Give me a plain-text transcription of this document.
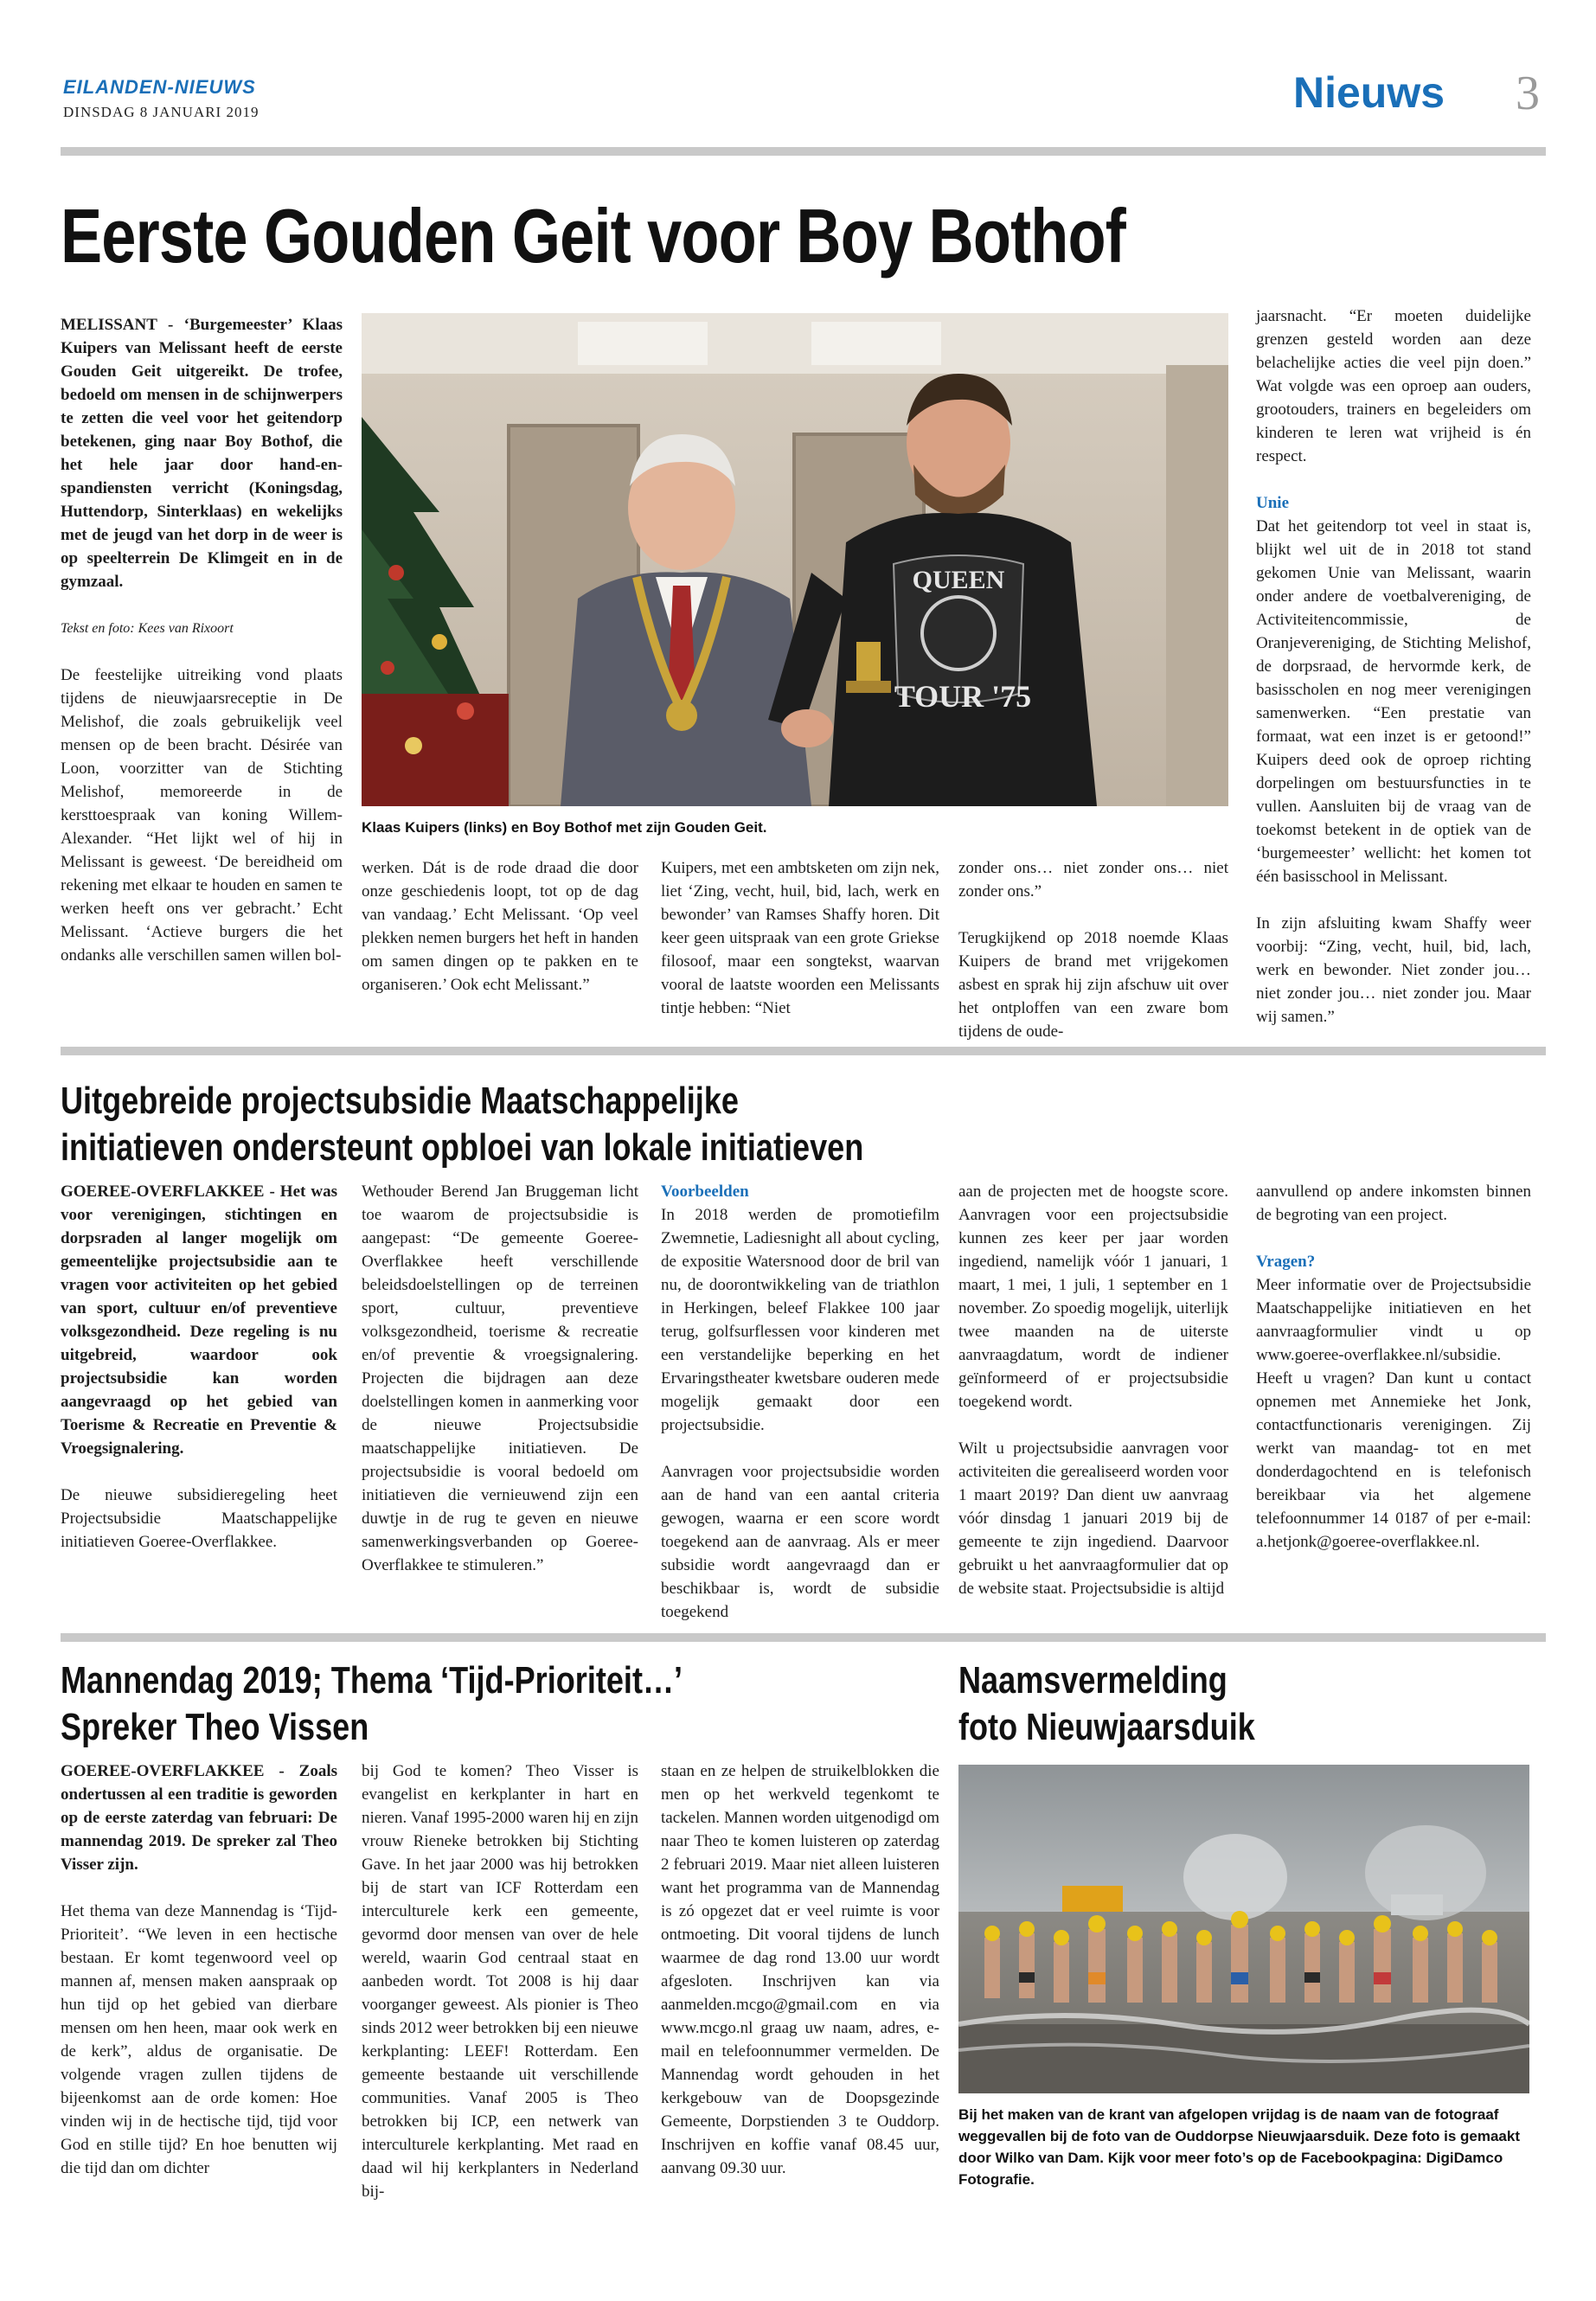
EILANDEN-NIEUWS
DINSDAG 8 JANUARI 2019	Nieuws 3
Eerste Gouden Geit voor Boy Bothof

MELISSANT - ‘Burgemeester’ Klaas Kuipers van Melissant heeft de eerste Gouden Geit uitgereikt. De trofee, bedoeld om mensen in de schijnwerpers te zetten die veel voor het geitendorp betekenen, ging naar Boy Bothof, die het hele jaar door hand-en-spandiensten verricht (Koningsdag, Huttendorp, Sinterklaas) en wekelijks met de jeugd van het dorp in de weer is op speelterrein De Klimgeit en in de gymzaal.

Tekst en foto: Kees van Rixoort

De feestelijke uitreiking vond plaats tijdens de nieuwjaarsreceptie in De Melishof, die zoals gebruikelijk veel mensen op de been bracht. Désirée van Loon, voorzitter van de Stichting Melishof, memoreerde in de kersttoespraak van koning Willem-Alexander. “Het lijkt wel of hij in Melissant is geweest. ‘De bereidheid om rekening met elkaar te houden en samen te werken heeft ons ver gebracht.’ Echt Melissant. ‘Actieve burgers die het ondanks alle verschillen samen willen bol-

QUEEN
TOUR '75
Klaas Kuipers (links) en Boy Bothof met zijn Gouden Geit.

werken. Dát is de rode draad die door onze geschiedenis loopt, tot op de dag van vandaag.’ Echt Melissant. ‘Op veel plekken nemen burgers het heft in handen om samen dingen op te pakken en te organiseren.’ Ook echt Melissant.”

Kuipers, met een ambtsketen om zijn nek, liet ‘Zing, vecht, huil, bid, lach, werk en bewonder’ van Ramses Shaffy horen. Dit keer geen uitspraak van een grote Griekse filosoof, maar een songtekst, waarvan vooral de laatste woorden een Melissants tintje hebben: “Niet

zonder ons… niet zonder ons… niet zonder ons.”

Terugkijkend op 2018 noemde Klaas Kuipers de brand met vrijgekomen asbest en sprak hij zijn afschuw uit over het ontploffen van een zware bom tijdens de oude-

jaarsnacht. “Er moeten duidelijke grenzen gesteld worden aan deze belachelijke acties die veel pijn doen.” Wat volgde was een oproep aan ouders, grootouders, trainers en begeleiders om kinderen te leren wat vrijheid is én respect.

Unie

Dat het geitendorp tot veel in staat is, blijkt wel uit de in 2018 tot stand gekomen Unie van Melissant, waarin onder andere de voetbalvereniging, de Activiteitencommissie, de Oranjevereniging, de Stichting Melishof, de dorpsraad, de hervormde kerk, de basisscholen en nog meer verenigingen samenwerken. “Een prestatie van formaat, wat een inzet is er getoond!” Kuipers deed ook de oproep richting dorpelingen om bestuursfuncties in te vullen. Aansluiten bij de vraag van de toekomst betekent in de optiek van de ‘burgemeester’ wellicht: het komen tot één basisschool in Melissant.

In zijn afsluiting kwam Shaffy weer voorbij: “Zing, vecht, huil, bid, lach, werk en bewonder. Niet zonder jou… niet zonder jou… niet zonder jou. Maar wij samen.”

Uitgebreide projectsubsidie Maatschappelijke
initiatieven ondersteunt opbloei van lokale initiatieven

GOEREE-OVERFLAKKEE - Het was voor verenigingen, stichtingen en dorpsraden al langer mogelijk om gemeentelijke projectsubsidie aan te vragen voor activiteiten op het gebied van sport, cultuur en/of preventieve volksgezondheid. Deze regeling is nu uitgebreid, waardoor ook projectsubsidie kan worden aangevraagd op het gebied van Toerisme & Recreatie en Preventie & Vroegsignalering.

De nieuwe subsidieregeling heet Projectsubsidie Maatschappelijke initiatieven Goeree-Overflakkee.

Wethouder Berend Jan Bruggeman licht toe waarom de projectsubsidie is aangepast: “De gemeente Goeree-Overflakkee heeft verschillende beleidsdoelstellingen op de terreinen sport, cultuur, preventieve volksgezondheid, toerisme & recreatie en/of preventie & vroegsignalering. Projecten die bijdragen aan deze doelstellingen komen in aanmerking voor de nieuwe Projectsubsidie maatschappelijke initiatieven. De projectsubsidie is vooral bedoeld om initiatieven die vernieuwend zijn een duwtje in de rug te geven en nieuwe samenwerkingsverbanden op Goeree-Overflakkee te stimuleren.”

Voorbeelden

In 2018 werden de promotiefilm Zwemnetie, Ladiesnight all about cycling, de expositie Watersnood door de bril van nu, de doorontwikkeling van de triathlon in Herkingen, beleef Flakkee 100 jaar terug, golfsurflessen voor kinderen met een verstandelijke beperking en het Ervaringstheater kwetsbare ouderen mede mogelijk gemaakt door een projectsubsidie.

Aanvragen voor projectsubsidie worden aan de hand van een aantal criteria gewogen, waarna er een score wordt toegekend aan de aanvraag. Als er meer subsidie wordt aangevraagd dan er beschikbaar is, wordt de subsidie toegekend

aan de projecten met de hoogste score. Aanvragen voor een projectsubsidie kunnen zes keer per jaar worden ingediend, namelijk vóór 1 januari, 1 maart, 1 mei, 1 juli, 1 september en 1 november. Zo spoedig mogelijk, uiterlijk twee maanden na de uiterste aanvraagdatum, wordt de indiener geïnformeerd of er projectsubsidie toegekend wordt.

Wilt u projectsubsidie aanvragen voor activiteiten die gerealiseerd worden voor 1 maart 2019? Dan dient uw aanvraag vóór dinsdag 1 januari 2019 bij de gemeente te zijn ingediend. Daarvoor gebruikt u het aanvraagformulier dat op de website staat. Projectsubsidie is altijd

aanvullend op andere inkomsten binnen de begroting van een project.

Vragen?

Meer informatie over de Projectsubsidie Maatschappelijke initiatieven en het aanvraagformulier vindt u op www.goeree-overflakkee.nl/subsidie. Heeft u vragen? Dan kunt u contact opnemen met Annemieke het Jonk, contactfunctionaris verenigingen. Zij werkt van maandag- tot en met donderdagochtend en is telefonisch bereikbaar via het algemene telefoonnummer 14 0187 of per e-mail: a.hetjonk@goeree-overflakkee.nl.

Mannendag 2019; Thema ‘Tijd-Prioriteit…’
Spreker Theo Vissen

GOEREE-OVERFLAKKEE - Zoals ondertussen al een traditie is geworden op de eerste zaterdag van februari: De mannendag 2019. De spreker zal Theo Visser zijn.

Het thema van deze Mannendag is ‘Tijd-Prioriteit’. “We leven in een hectische bestaan. Er komt tegenwoord veel op mannen af, mensen maken aanspraak op hun tijd op het gebied van dierbare mensen om hen heen, maar ook werk en de kerk”, aldus de organisatie. De volgende vragen zullen tijdens de bijeenkomst aan de orde komen: Hoe vinden wij in de hectische tijd, tijd voor God en stille tijd? En hoe benutten wij die tijd dan om dichter

bij God te komen? Theo Visser is evangelist en kerkplanter in hart en nieren. Vanaf 1995-2000 waren hij en zijn vrouw Rieneke betrokken bij Stichting Gave. In het jaar 2000 was hij betrokken bij de start van ICF Rotterdam een interculturele kerk een gemeente, gevormd door mensen van over de hele wereld, waarin God centraal staat en aanbeden wordt. Tot 2008 is hij daar voorganger geweest. Als pionier is Theo sinds 2012 weer betrokken bij een nieuwe kerkplanting: LEEF! Rotterdam. Een gemeente bestaande uit verschillende communities. Vanaf 2005 is Theo betrokken bij ICP, een netwerk van interculturele kerkplanting. Met raad en daad wil hij kerkplanters in Nederland bij-

staan en ze helpen de struikelblokken die men op het werkveld tegenkomt te tackelen. Mannen worden uitgenodigd om naar Theo te komen luisteren op zaterdag 2 februari 2019. Maar niet alleen luisteren want het programma van de Mannendag is zó opgezet dat er veel ruimte is voor ontmoeting. Dit vooral tijdens de lunch waarmee de dag rond 13.00 uur wordt afgesloten. Inschrijven kan via aanmelden.mcgo@gmail.com en via www.mcgo.nl graag uw naam, adres, e-mail en telefoonnummer vermelden. De Mannendag wordt gehouden in het kerkgebouw van de Doopsgezinde Gemeente, Dorpstienden 3 te Ouddorp. Inschrijven en koffie vanaf 08.45 uur, aanvang 09.30 uur.

Naamsvermelding
foto Nieuwjaarsduik
Bij het maken van de krant van afgelopen vrijdag is de naam van de fotograaf weggevallen bij de foto van de Ouddorpse Nieuwjaarsduik. Deze foto is gemaakt door Wilko van Dam. Kijk voor meer foto’s op de Facebookpagina: DigiDamco Fotografie.
